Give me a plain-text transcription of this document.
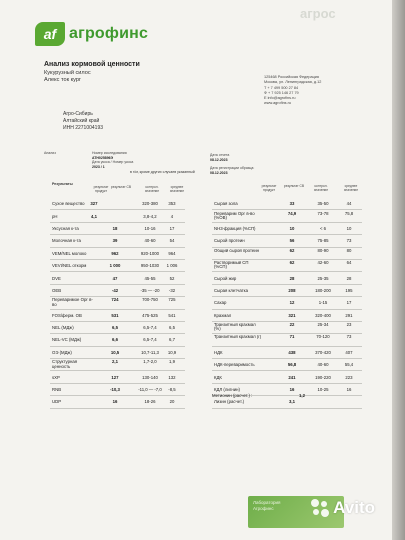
агрос
af агрофинс
Анализ кормовой ценности
Кукурузный силос
Алекс ток кург	125468 Российская Федерация
Москва, ул. Ленинградская, д.12
Т + 7 499 500 27 84
Ф + 7 925 146 27 79
E info@agrofins.ru
www.agrofins.ru
Агро-Сибирь
Алтайский край
ИНН 2271004193
Анализ	Номер исследования
ATH025896Э
Дата укоса / Номер укоса
2023 / 1
Дата отчета
08.12.2023
Дата регистрации образца:
08.12.2023
Результаты
в г/кг, кроме других случаев указанный
результат продукт
результат СВ	контрол. значение
среднее значение
результат продукт
результат СВ	контрол. значение
среднее значение
Сухое вещество	327	320-380	353
pH	4,1	3,8-4,2	4
Уксусная к-та	18	10-16	17
Молочная к-та	39	40-60	54
VEM/NEL молоко	962	920-1000	964
VEVI/NEL откорм	1 000	950-1030	1 006
DVE	47	45-55	52
OEB	-42	-35 — -20	-32
Переваримое Орг в-во
724	700-750	725
FOS/ферм. ОВ	531	475-525	541
NEL (МДж)	6,5	6,5-7,4	6,5
NEL-VC (МДж)	6,6	6,5-7,4	6,7
ОЭ (МДж)	10,5	10,7-11,3	10,9
Структурная ценность
2,1	1,7-2,0	1,9
sXP	127	130-140	132
RNB	-10,3	-11,0 — -7,0	-8,5
UDP	16	18-26	20
Сырая зола	33	35-50	44
Переварим Орг в-во (%ОВ)
74,9	73-78	75,8
NH3-фракция (%СП)	10	< 6	10
Сырой протеин	56	75-85	73
Общий сырой протеин	62	80-90	80
Растворимый СП (%СП)
62	42-60	64
Сырой жир	28	25-35	28
Сырая клетчатка	208	180-200	195
Сахар	12	1-15	17
Крахмал	321	320-400	291
Транзитный крахмал (%)
22	25-34	23
Транзитный крахмал (г)	71	70-120	73
НДК	438	370-420	407
НДК-переваримость	56,8	40-60	55,4
КДК	241	190-220	223
КДЛ (лигнин)	16	10-25	16
Лизин (расчет.)	3,1
Метионин (расчет.) :	1,2
Лаборатория
Агрофинс	Avito
